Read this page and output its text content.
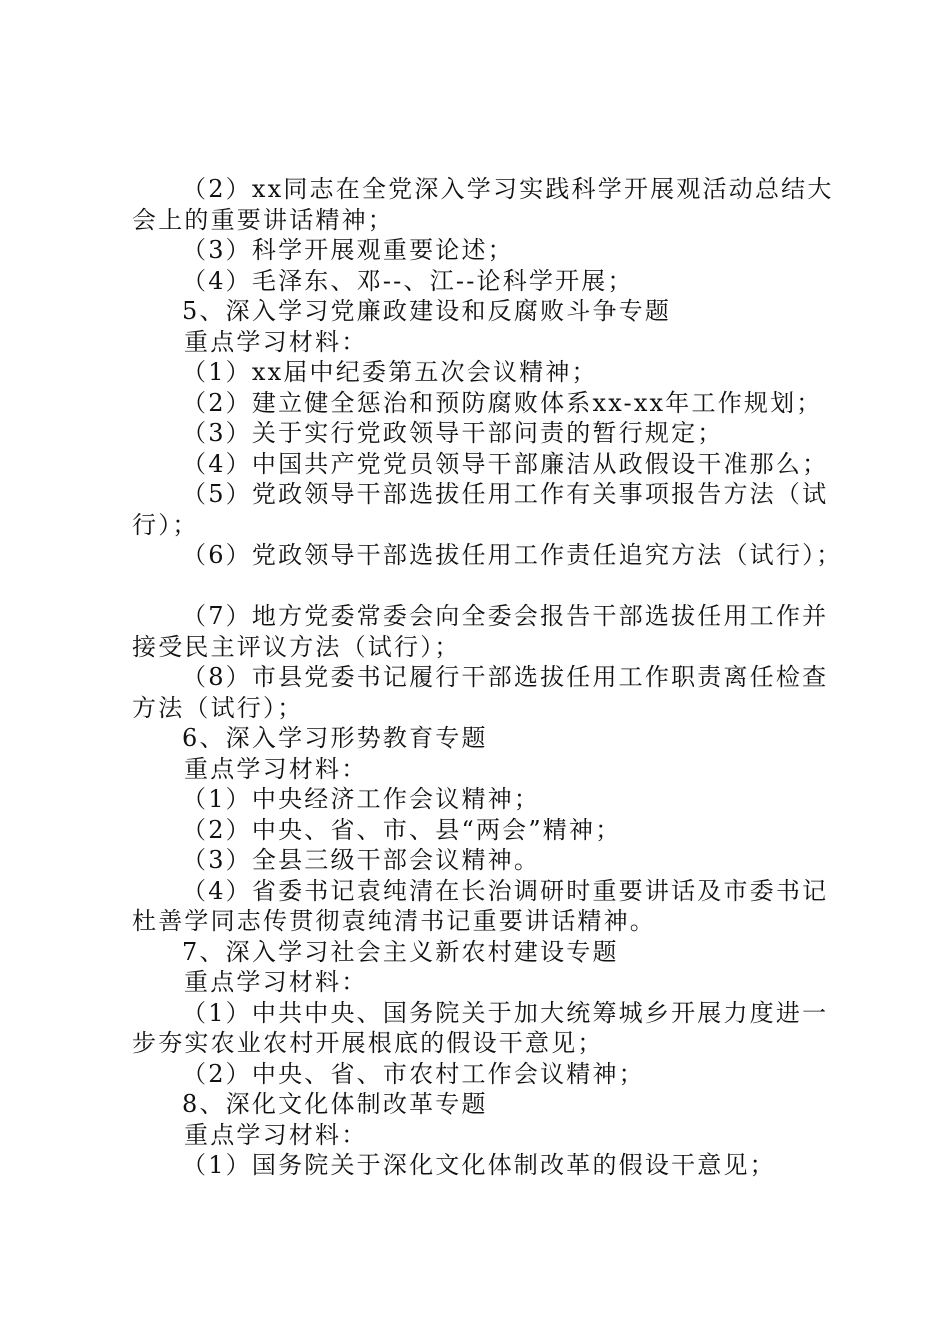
（2）xx同志在全党深入学习实践科学开展观活动总结大
会上的重要讲话精神；
（3）科学开展观重要论述；
（4）毛泽东、邓--、江--论科学开展；
5、深入学习党廉政建设和反腐败斗争专题
重点学习材料：
（1）xx届中纪委第五次会议精神；
（2）建立健全惩治和预防腐败体系xx-xx年工作规划；
（3）关于实行党政领导干部问责的暂行规定；
（4）中国共产党党员领导干部廉洁从政假设干准那么；
（5）党政领导干部选拔任用工作有关事项报告方法（试
行）；
（6）党政领导干部选拔任用工作责任追究方法（试行）；
（7）地方党委常委会向全委会报告干部选拔任用工作并
接受民主评议方法（试行）；
（8）市县党委书记履行干部选拔任用工作职责离任检查
方法（试行）；
6、深入学习形势教育专题
重点学习材料：
（1）中央经济工作会议精神；
（2）中央、省、市、县“两会”精神；
（3）全县三级干部会议精神。
（4）省委书记袁纯清在长治调研时重要讲话及市委书记
杜善学同志传贯彻袁纯清书记重要讲话精神。
7、深入学习社会主义新农村建设专题
重点学习材料：
（1）中共中央、国务院关于加大统筹城乡开展力度进一
步夯实农业农村开展根底的假设干意见；
（2）中央、省、市农村工作会议精神；
8、深化文化体制改革专题
重点学习材料：
（1）国务院关于深化文化体制改革的假设干意见；
